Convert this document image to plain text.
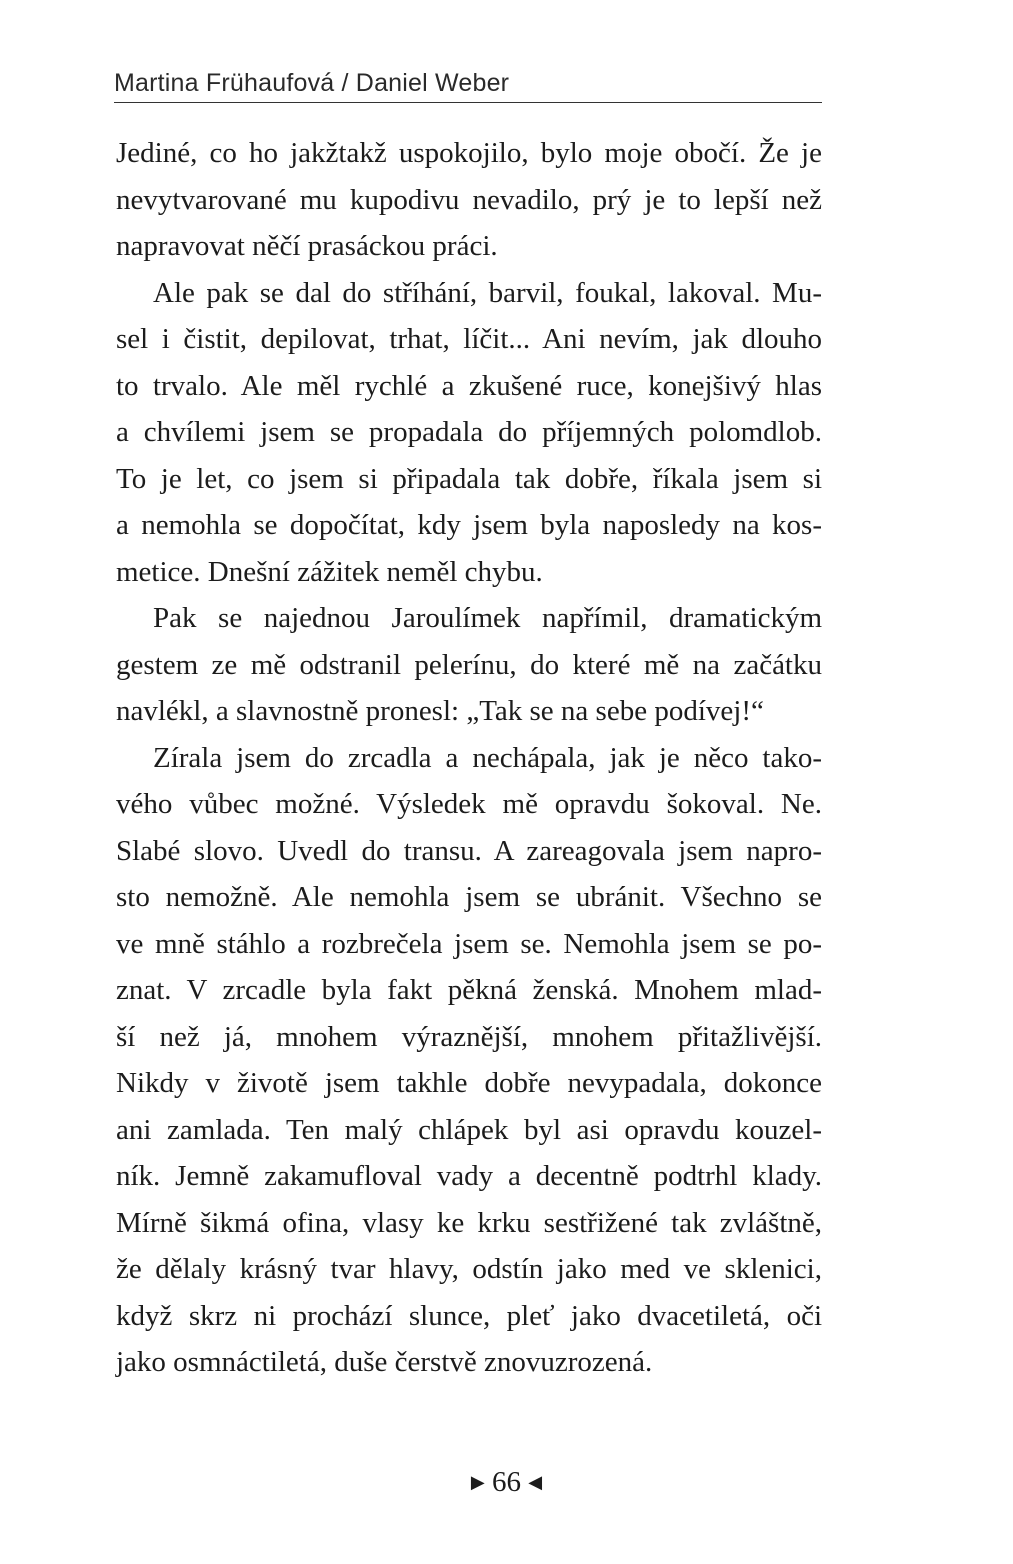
Martina Frühaufová / Daniel Weber

Jediné, co ho jakžtakž uspokojilo, bylo moje obočí. Že je
nevytvarované mu kupodivu nevadilo, prý je to lepší než
napravovat něčí prasáckou práci.

Ale pak se dal do stříhání, barvil, foukal, lakoval. Mu-
sel i čistit, depilovat, trhat, líčit... Ani nevím, jak dlouho
to trvalo. Ale měl rychlé a zkušené ruce, konejšivý hlas
a chvílemi jsem se propadala do příjemných polomdlob.
To je let, co jsem si připadala tak dobře, říkala jsem si
a nemohla se dopočítat, kdy jsem byla naposledy na kos-
metice. Dnešní zážitek neměl chybu.

Pak se najednou Jaroulímek napřímil, dramatickým
gestem ze mě odstranil pelerínu, do které mě na začátku
navlékl, a slavnostně pronesl: „Tak se na sebe podívej!“

Zírala jsem do zrcadla a nechápala, jak je něco tako-
vého vůbec možné. Výsledek mě opravdu šokoval. Ne.
Slabé slovo. Uvedl do transu. A zareagovala jsem napro-
sto nemožně. Ale nemohla jsem se ubránit. Všechno se
ve mně stáhlo a rozbrečela jsem se. Nemohla jsem se po-
znat. V zrcadle byla fakt pěkná ženská. Mnohem mlad-
ší než já, mnohem výraznější, mnohem přitažlivější.
Nikdy v životě jsem takhle dobře nevypadala, dokonce
ani zamlada. Ten malý chlápek byl asi opravdu kouzel-
ník. Jemně zakamufloval vady a decentně podtrhl klady.
Mírně šikmá ofina, vlasy ke krku sestřižené tak zvláštně,
že dělaly krásný tvar hlavy, odstín jako med ve sklenici,
když skrz ni prochází slunce, pleť jako dvacetiletá, oči
jako osmnáctiletá, duše čerstvě znovuzrozená.

▶ 66 ◀
